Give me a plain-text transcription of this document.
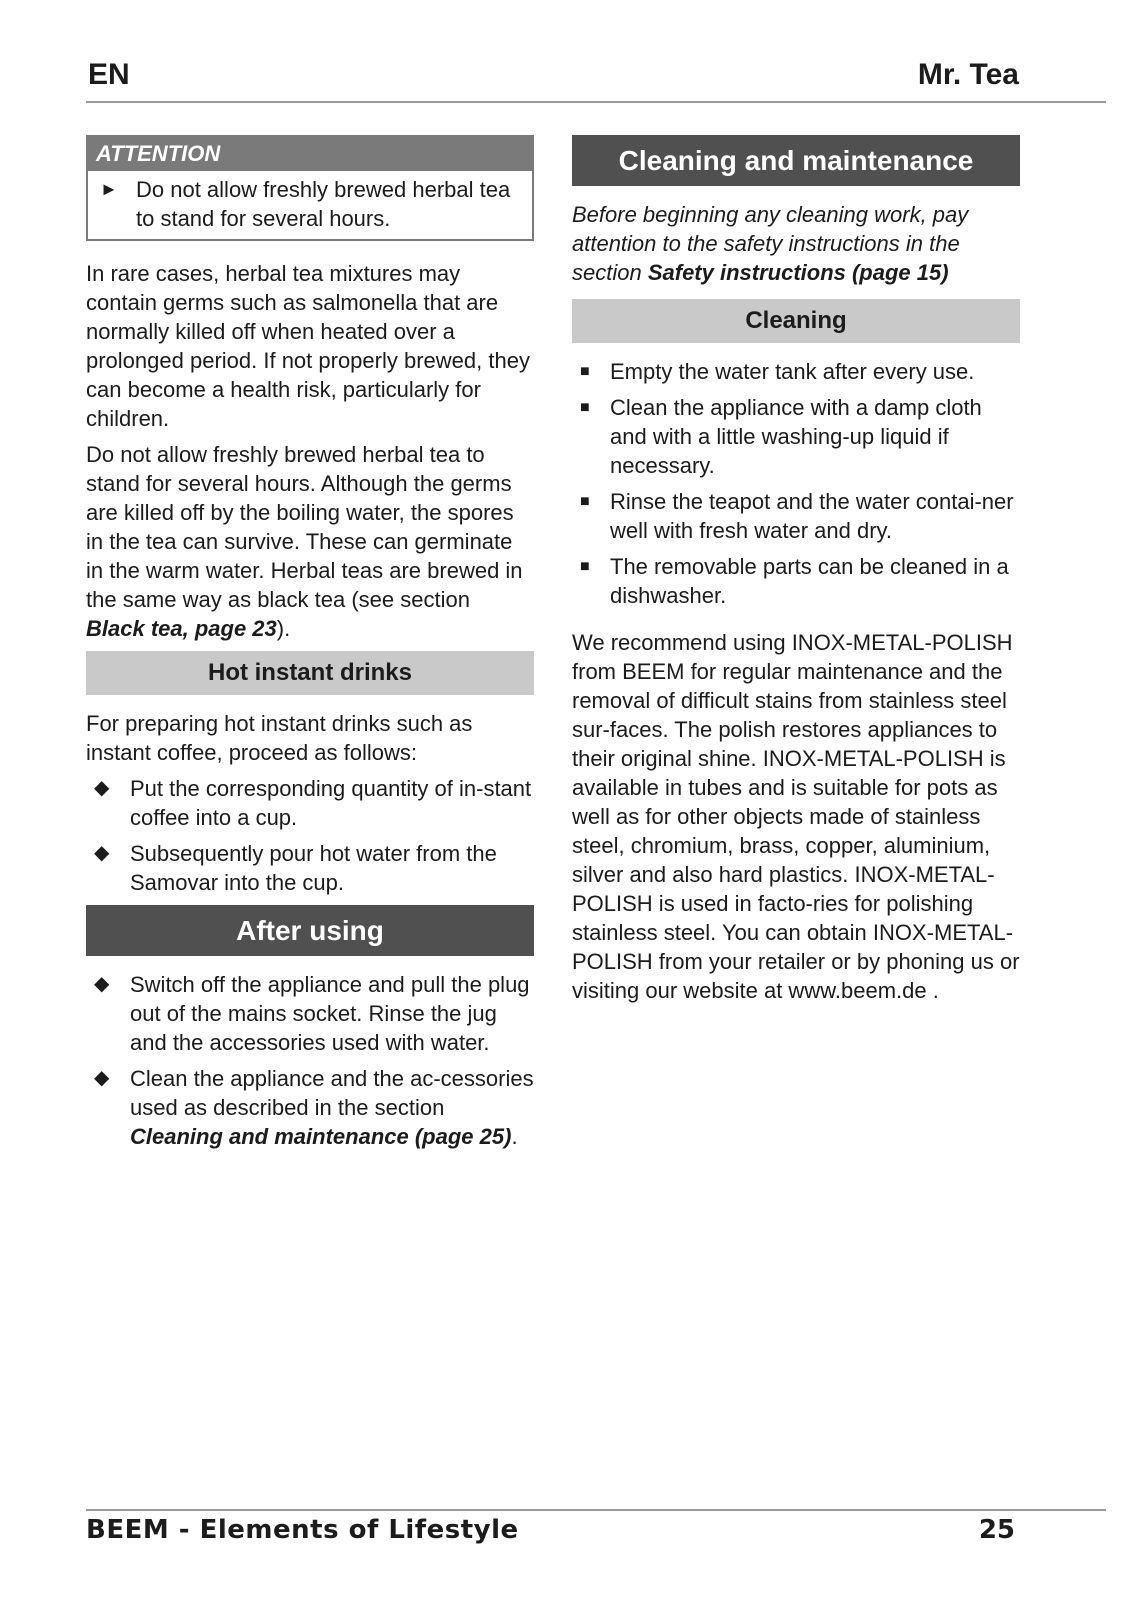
EN	Mr. Tea
ATTENTION
► Do not allow freshly brewed herbal tea to stand for several hours.

In rare cases, herbal tea mixtures may contain germs such as salmonella that are normally killed off when heated over a prolonged period. If not properly brewed, they can become a health risk, particularly for children.

Do not allow freshly brewed herbal tea to stand for several hours. Although the germs are killed off by the boiling water, the spores in the tea can survive. These can germinate in the warm water. Herbal teas are brewed in the same way as black tea (see section Black tea, page 23).

Hot instant drinks

For preparing hot instant drinks such as instant coffee, proceed as follows:

◆ Put the corresponding quantity of in-stant coffee into a cup.
◆ Subsequently pour hot water from the Samovar into the cup.
After using
◆ Switch off the appliance and pull the plug out of the mains socket. Rinse the jug and the accessories used with water.
◆ Clean the appliance and the ac-cessories used as described in the section Cleaning and maintenance (page 25).
Cleaning and maintenance

Before beginning any cleaning work, pay attention to the safety instructions in the section Safety instructions (page 15)

Cleaning
■ Empty the water tank after every use.
■ Clean the appliance with a damp cloth and with a little washing-up liquid if necessary.
■ Rinse the teapot and the water contai-ner well with fresh water and dry.
■ The removable parts can be cleaned in a dishwasher.

We recommend using INOX-METAL-POLISH from BEEM for regular maintenance and the removal of difficult stains from stainless steel sur-faces. The polish restores appliances to their original shine. INOX-METAL-POLISH is available in tubes and is suitable for pots as well as for other objects made of stainless steel, chromium, brass, copper, aluminium, silver and also hard plastics. INOX-METAL-POLISH is used in facto-ries for polishing stainless steel. You can obtain INOX-METAL-POLISH from your retailer or by phoning us or visiting our website at www.beem.de .

BEEM - Elements of Lifestyle	25
